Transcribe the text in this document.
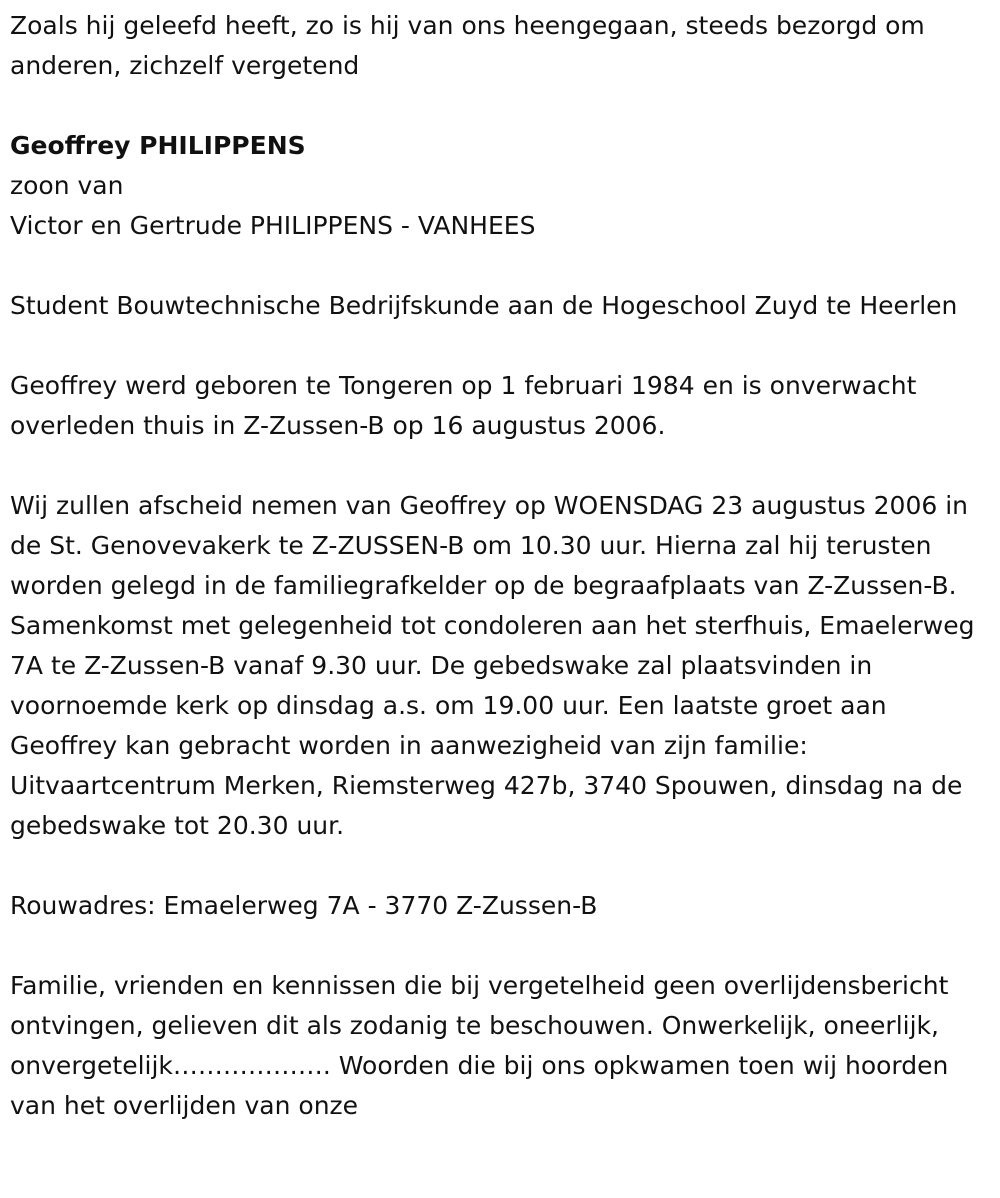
Zoals hij geleefd heeft, zo is hij van ons heengegaan, steeds bezorgd om anderen, zichzelf vergetend

Geoffrey PHILIPPENS

zoon van

Victor en Gertrude PHILIPPENS - VANHEES

Student Bouwtechnische Bedrijfskunde aan de Hogeschool Zuyd te Heerlen

Geoffrey werd geboren te Tongeren op 1 februari 1984 en is onverwacht overleden thuis in Z-Zussen-B op 16 augustus 2006.

Wij zullen afscheid nemen van Geoffrey op WOENSDAG 23 augustus 2006 in de St. Genovevakerk te Z-ZUSSEN-B om 10.30 uur. Hierna zal hij terusten worden gelegd in de familiegrafkelder op de begraafplaats van Z-Zussen-B. Samenkomst met gelegenheid tot condoleren aan het sterfhuis, Emaelerweg 7A te Z-Zussen-B vanaf 9.30 uur. De gebedswake zal plaatsvinden in voornoemde kerk op dinsdag a.s. om 19.00 uur. Een laatste groet aan Geoffrey kan gebracht worden in aanwezigheid van zijn familie: Uitvaartcentrum Merken, Riemsterweg 427b, 3740 Spouwen, dinsdag na de gebedswake tot 20.30 uur.

Rouwadres: Emaelerweg 7A - 3770 Z-Zussen-B

Familie, vrienden en kennissen die bij vergetelheid geen overlijdensbericht ontvingen, gelieven dit als zodanig te beschouwen. Onwerkelijk, oneerlijk, onvergetelijk………………. Woorden die bij ons opkwamen toen wij hoorden van het overlijden van onze
